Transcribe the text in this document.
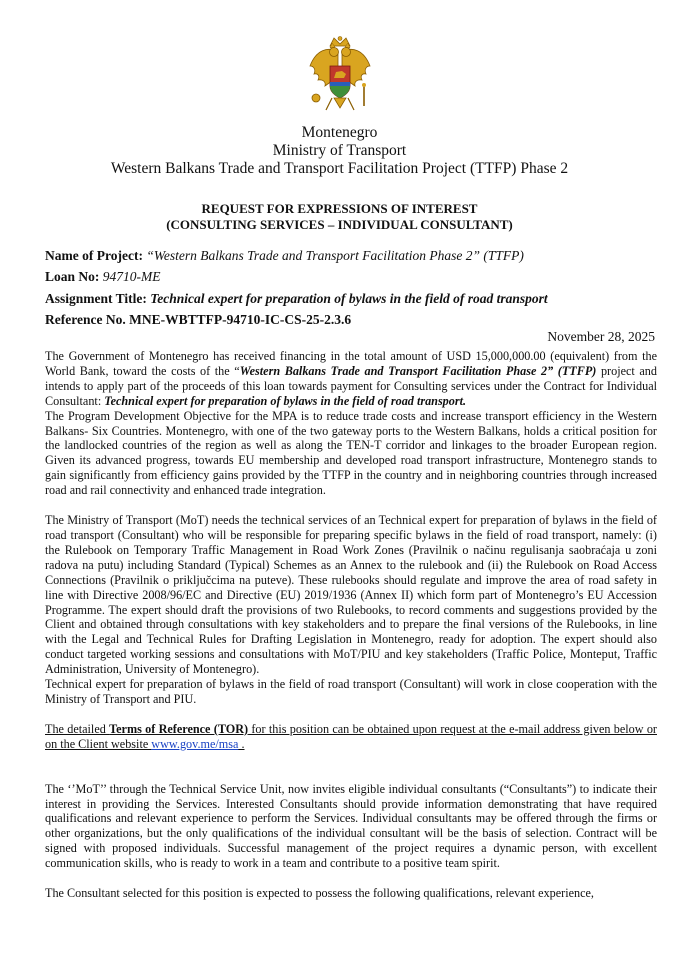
Montenegro
Ministry of Transport
Western Balkans Trade and Transport Facilitation Project (TTFP) Phase 2
REQUEST FOR EXPRESSIONS OF INTEREST
(CONSULTING SERVICES – INDIVIDUAL CONSULTANT)
Name of Project: “Western Balkans Trade and Transport Facilitation Phase 2” (TTFP)
Loan No: 94710-ME
Assignment Title: Technical expert for preparation of bylaws in the field of road transport
Reference No. MNE-WBTTFP-94710-IC-CS-25-2.3.6
November 28, 2025

The Government of Montenegro has received financing in the total amount of USD 15,000,000.00 (equivalent) from the World Bank, toward the costs of the “Western Balkans Trade and Transport Facilitation Phase 2” (TTFP) project and intends to apply part of the proceeds of this loan towards payment for Consulting services under the Contract for Individual Consultant: Technical expert for preparation of bylaws in the field of road transport.

The Program Development Objective for the MPA is to reduce trade costs and increase transport efficiency in the Western Balkans- Six Countries. Montenegro, with one of the two gateway ports to the Western Balkans, holds a critical position for the landlocked countries of the region as well as along the TEN-T corridor and linkages to the broader European region. Given its advanced progress, towards EU membership and developed road transport infrastructure, Montenegro stands to gain significantly from efficiency gains provided by the TTFP in the country and in neighboring countries through increased road and rail connectivity and enhanced trade integration.

The Ministry of Transport (MoT) needs the technical services of an Technical expert for preparation of bylaws in the field of road transport (Consultant) who will be responsible for preparing specific bylaws in the field of road transport, namely: (i) the Rulebook on Temporary Traffic Management in Road Work Zones (Pravilnik o načinu regulisanja saobraćaja u zoni radova na putu) including Standard (Typical) Schemes as an Annex to the rulebook and (ii) the Rulebook on Road Access Connections (Pravilnik o priključcima na puteve). These rulebooks should regulate and improve the area of road safety in line with Directive 2008/96/EC and Directive (EU) 2019/1936 (Annex II) which form part of Montenegro’s EU Accession Programme. The expert should draft the provisions of two Rulebooks, to record comments and suggestions provided by the Client and obtained through consultations with key stakeholders and to prepare the final versions of the Rulebooks, in line with the Legal and Technical Rules for Drafting Legislation in Montenegro, ready for adoption. The expert should also conduct targeted working sessions and consultations with MoT/PIU and key stakeholders (Traffic Police, Monteput, Traffic Administration, University of Montenegro).

Technical expert for preparation of bylaws in the field of road transport (Consultant) will work in close cooperation with the Ministry of Transport and PIU.

The detailed Terms of Reference (TOR) for this position can be obtained upon request at the e-mail address given below or on the Client website www.gov.me/msa .

The ‘’MoT’’ through the Technical Service Unit, now invites eligible individual consultants (“Consultants”) to indicate their interest in providing the Services. Interested Consultants should provide information demonstrating that have required qualifications and relevant experience to perform the Services. Individual consultants may be offered through the firms or other organizations, but the only qualifications of the individual consultant will be the basis of selection. Contract will be signed with proposed individuals. Successful management of the project requires a dynamic person, with excellent communication skills, who is ready to work in a team and contribute to a positive team spirit.

The Consultant selected for this position is expected to possess the following qualifications, relevant experience,
